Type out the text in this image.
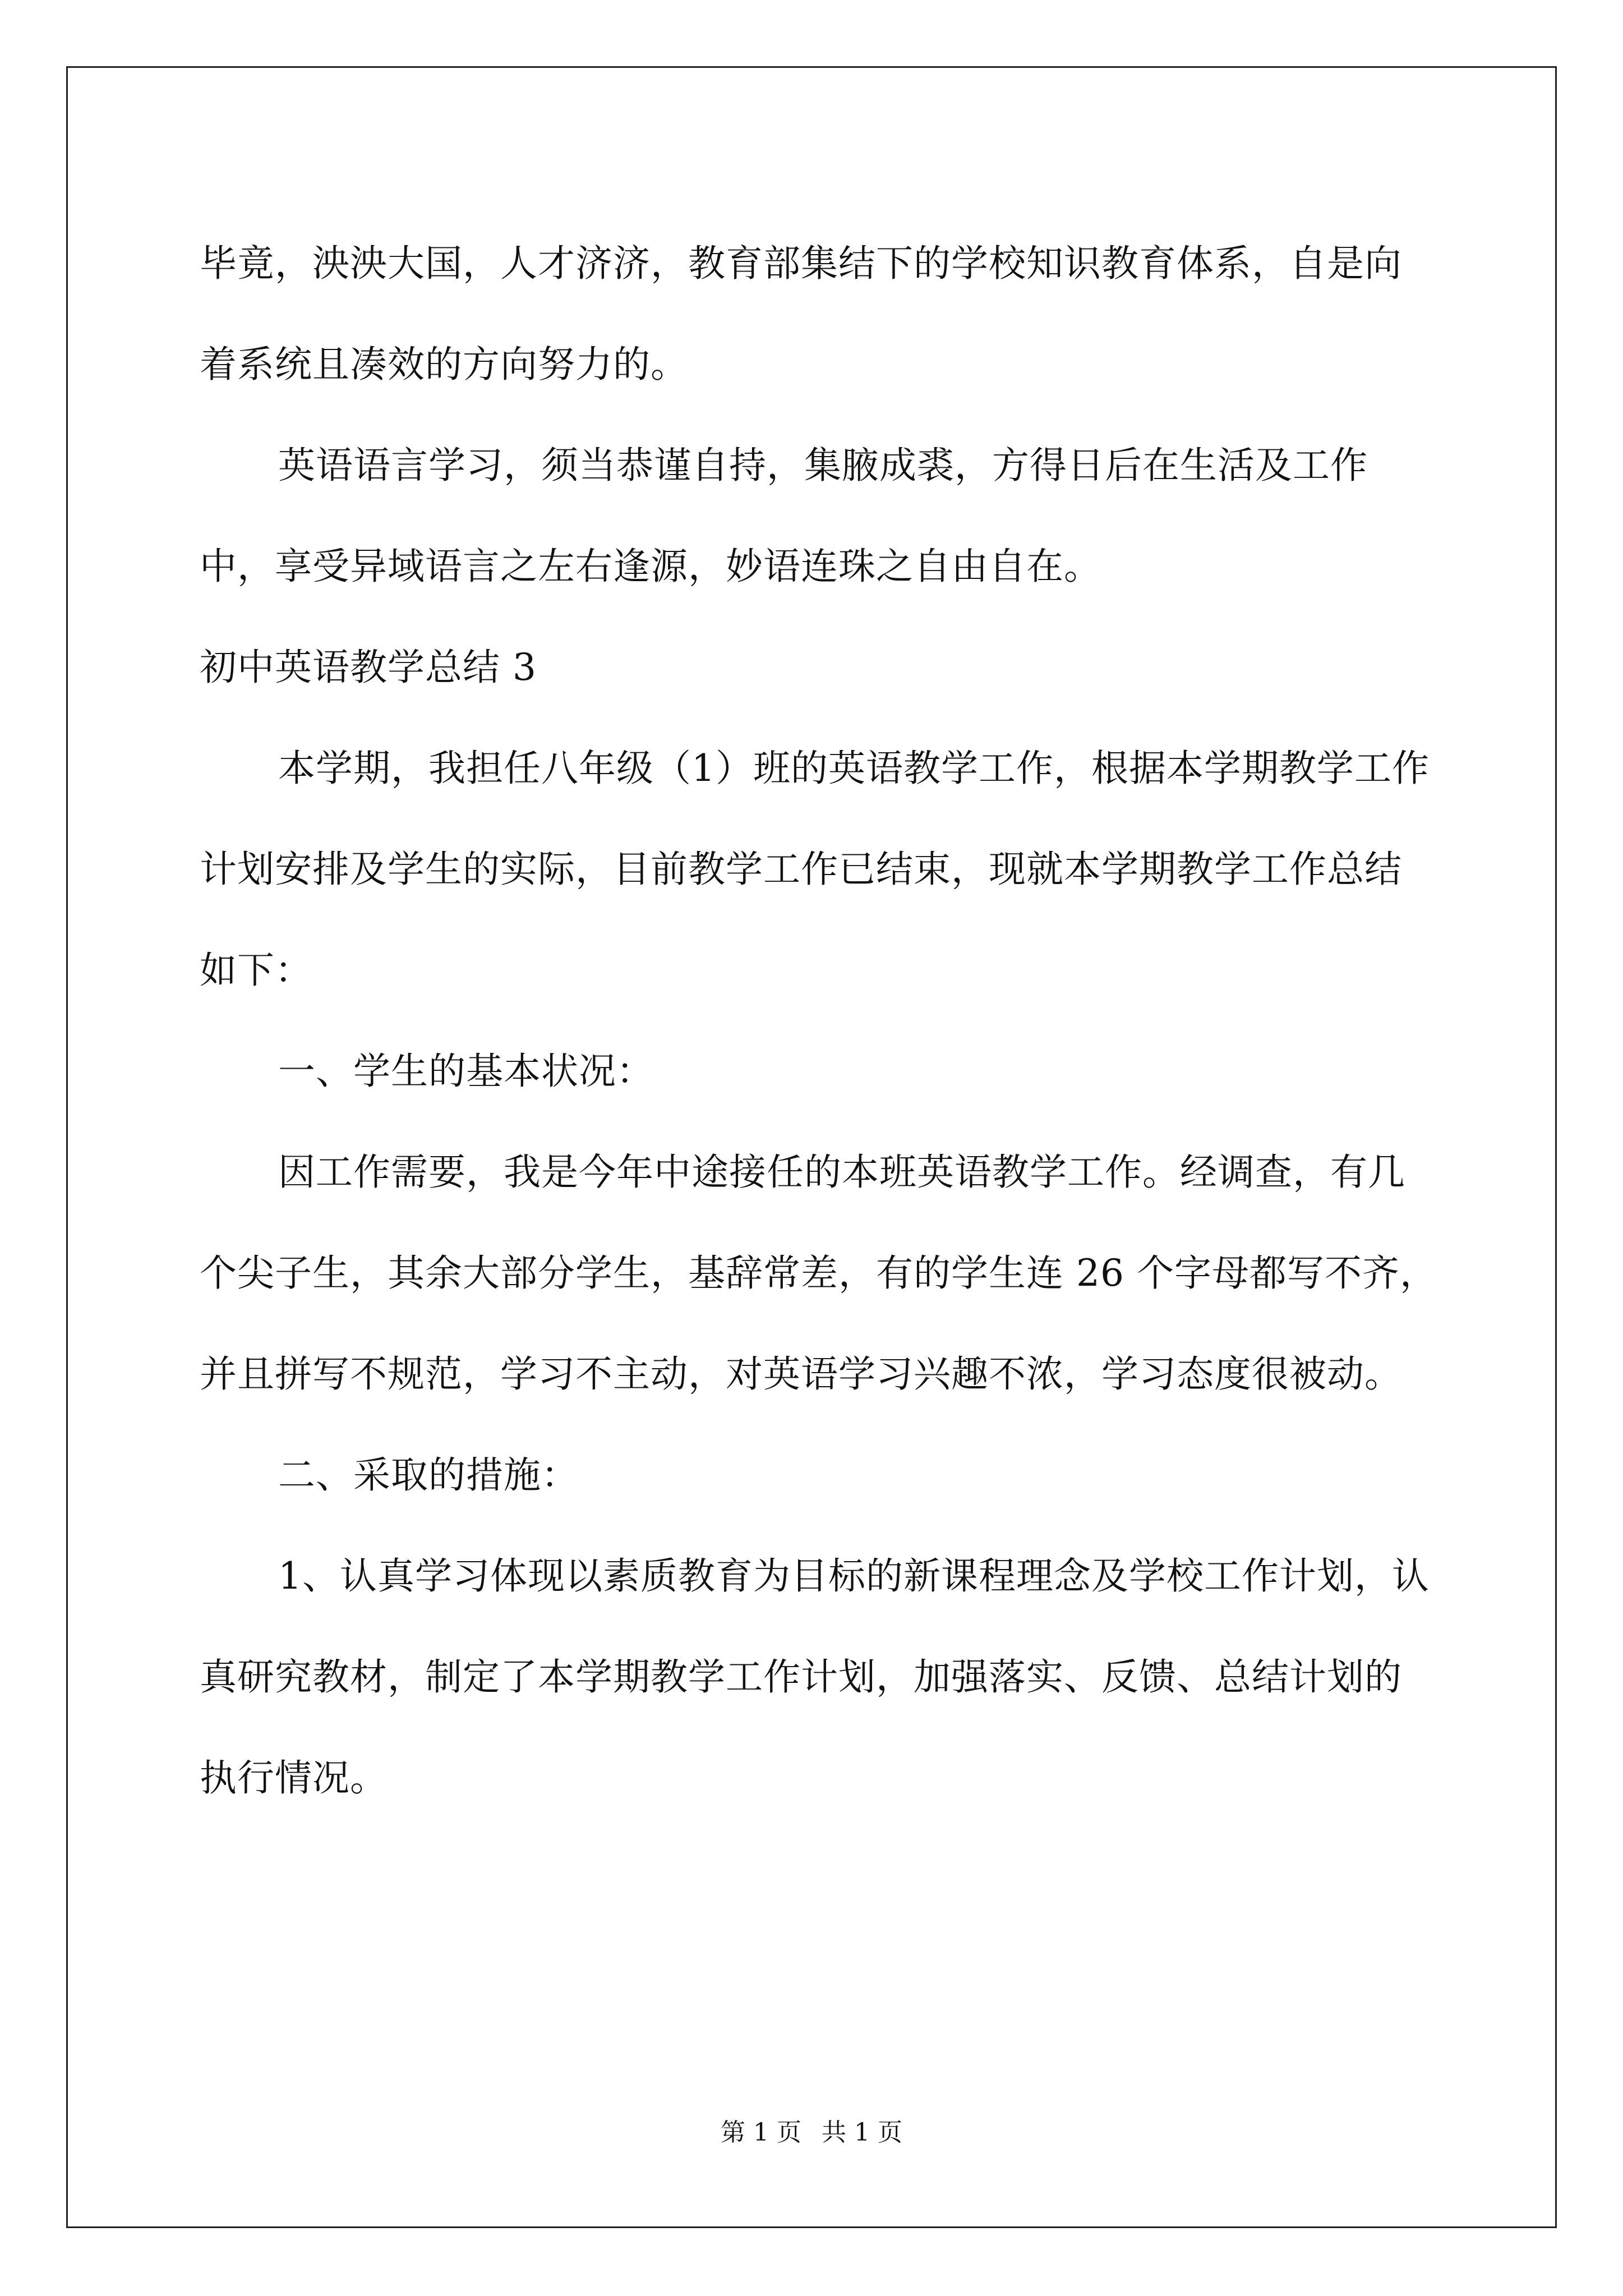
毕竟，泱泱大国，人才济济，教育部集结下的学校知识教育体系，自是向着系统且凑效的方向努力的。

英语语言学习，须当恭谨自持，集腋成裘，方得日后在生活及工作中，享受异域语言之左右逢源，妙语连珠之自由自在。

初中英语教学总结 3

本学期，我担任八年级（1）班的英语教学工作，根据本学期教学工作计划安排及学生的实际，目前教学工作已结束，现就本学期教学工作总结如下：

一、学生的基本状况：

因工作需要，我是今年中途接任的本班英语教学工作。经调查，有几个尖子生，其余大部分学生，基辞常差，有的学生连 26 个字母都写不齐，并且拼写不规范，学习不主动，对英语学习兴趣不浓，学习态度很被动。

二、采取的措施：

1、认真学习体现以素质教育为目标的新课程理念及学校工作计划，认真研究教材，制定了本学期教学工作计划，加强落实、反馈、总结计划的执行情况。

第 1 页 共 1 页
